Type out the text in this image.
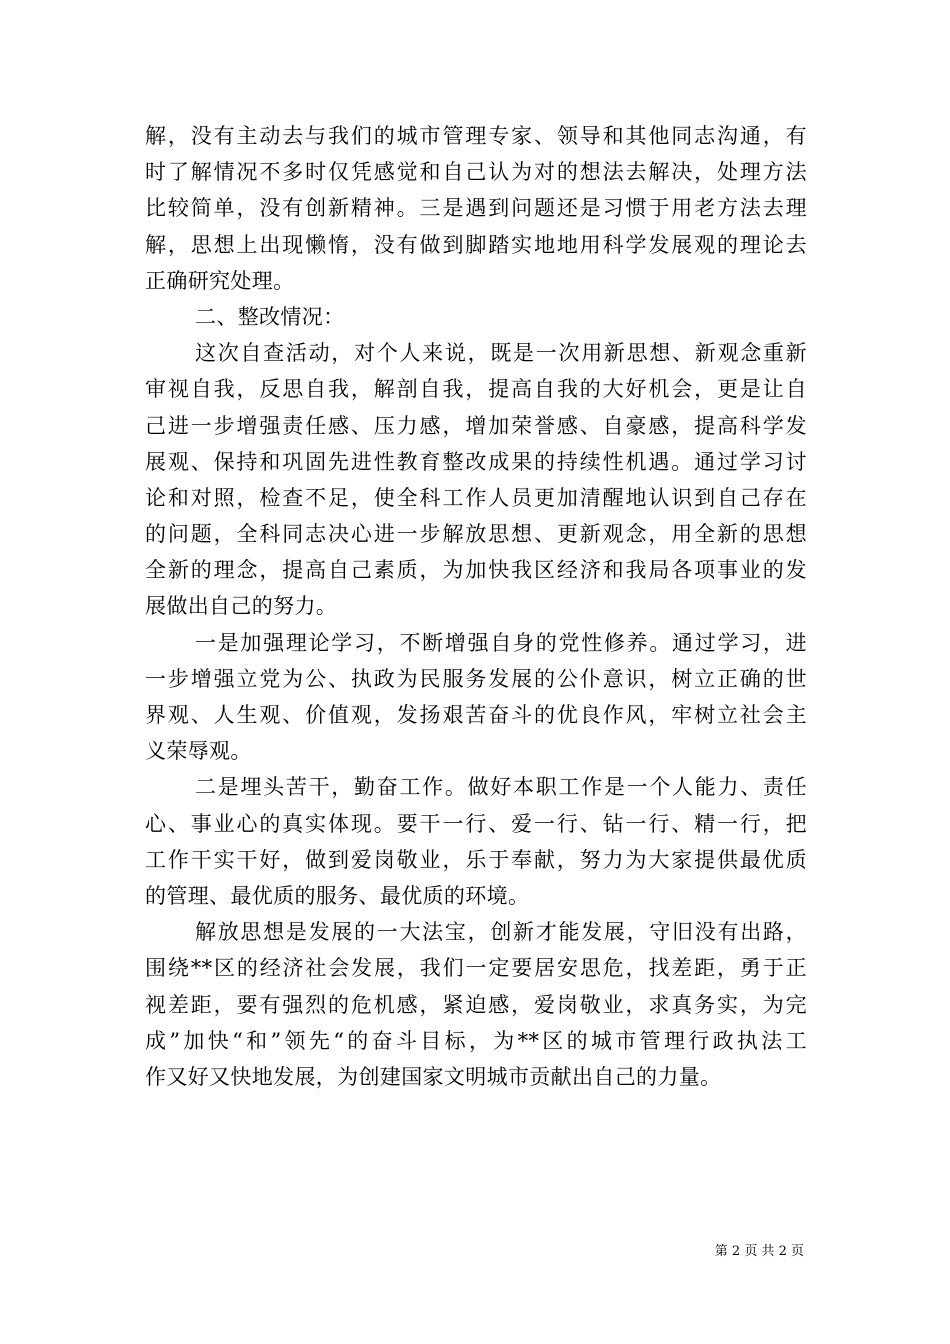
解，没有主动去与我们的城市管理专家、领导和其他同志沟通，有
时了解情况不多时仅凭感觉和自己认为对的想法去解决，处理方法
比较简单，没有创新精神。三是遇到问题还是习惯于用老方法去理
解，思想上出现懒惰，没有做到脚踏实地地用科学发展观的理论去
正确研究处理。
二、整改情况：
这次自查活动，对个人来说，既是一次用新思想、新观念重新
审视自我，反思自我，解剖自我，提高自我的大好机会，更是让自
己进一步增强责任感、压力感，增加荣誉感、自豪感，提高科学发
展观、保持和巩固先进性教育整改成果的持续性机遇。通过学习讨
论和对照，检查不足，使全科工作人员更加清醒地认识到自己存在
的问题，全科同志决心进一步解放思想、更新观念，用全新的思想
全新的理念，提高自己素质，为加快我区经济和我局各项事业的发
展做出自己的努力。
一是加强理论学习，不断增强自身的党性修养。通过学习，进
一步增强立党为公、执政为民服务发展的公仆意识，树立正确的世
界观、人生观、价值观，发扬艰苦奋斗的优良作风，牢树立社会主
义荣辱观。
二是埋头苦干，勤奋工作。做好本职工作是一个人能力、责任
心、事业心的真实体现。要干一行、爱一行、钻一行、精一行，把
工作干实干好，做到爱岗敬业，乐于奉献，努力为大家提供最优质
的管理、最优质的服务、最优质的环境。
解放思想是发展的一大法宝，创新才能发展，守旧没有出路，
围绕**区的经济社会发展，我们一定要居安思危，找差距，勇于正
视差距，要有强烈的危机感，紧迫感，爱岗敬业，求真务实，为完
成”加快“和”领先“的奋斗目标，为**区的城市管理行政执法工
作又好又快地发展，为创建国家文明城市贡献出自己的力量。
第 2 页 共 2 页
